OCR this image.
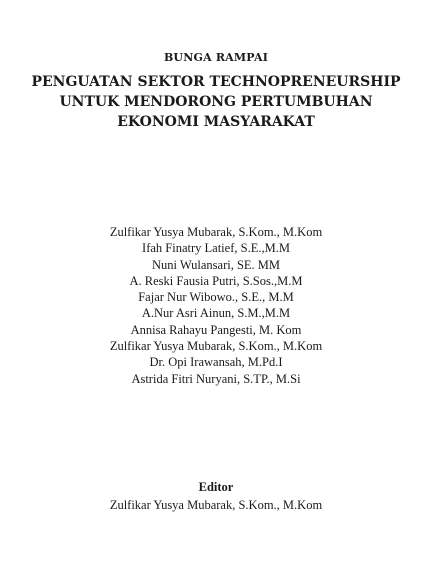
BUNGA RAMPAI
PENGUATAN SEKTOR TECHNOPRENEURSHIP
UNTUK MENDORONG PERTUMBUHAN
EKONOMI MASYARAKAT
Zulfikar Yusya Mubarak, S.Kom., M.Kom
Ifah Finatry Latief, S.E.,M.M
Nuni Wulansari, SE. MM
A. Reski Fausia Putri, S.Sos.,M.M
Fajar Nur Wibowo., S.E., M.M
A.Nur Asri Ainun, S.M.,M.M
Annisa Rahayu Pangesti, M. Kom
Zulfikar Yusya Mubarak, S.Kom., M.Kom
Dr. Opi Irawansah, M.Pd.I
Astrida Fitri Nuryani, S.TP., M.Si
Editor
Zulfikar Yusya Mubarak, S.Kom., M.Kom
